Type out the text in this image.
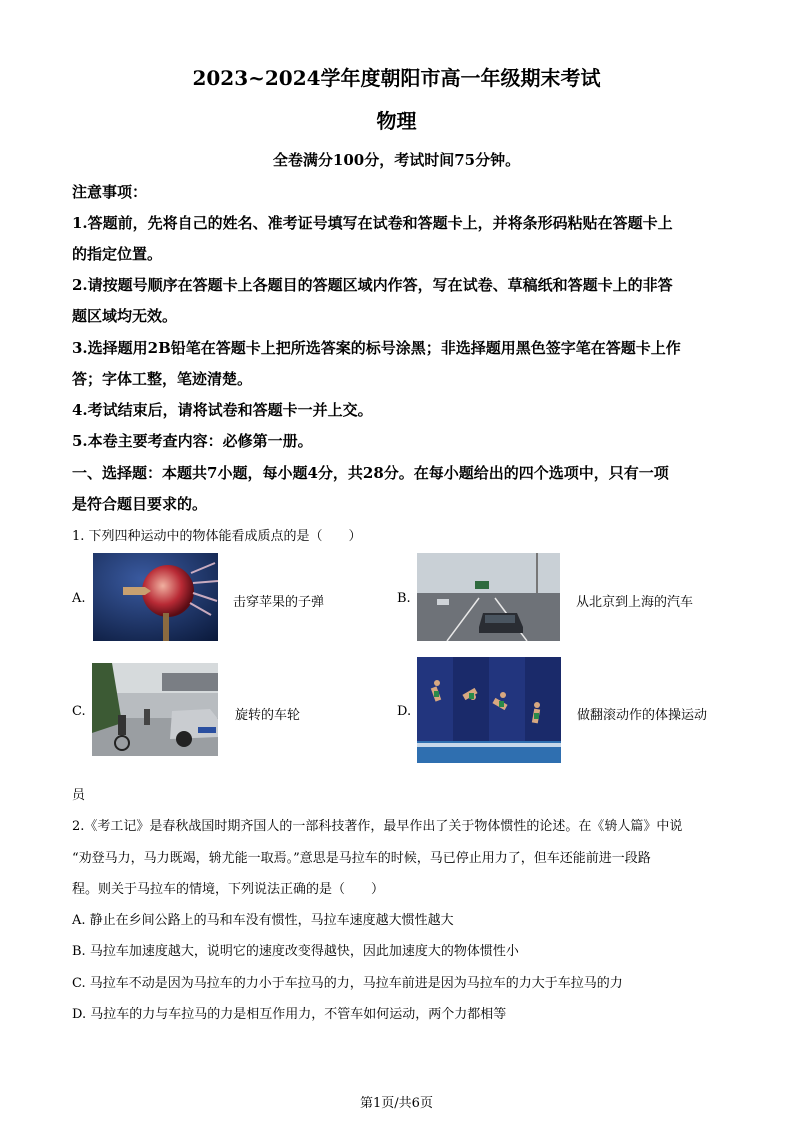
2023~2024学年度朝阳市高一年级期末考试
物理
全卷满分100分，考试时间75分钟。
注意事项：
1.答题前，先将自己的姓名、准考证号填写在试卷和答题卡上，并将条形码粘贴在答题卡上
的指定位置。
2.请按题号顺序在答题卡上各题目的答题区域内作答，写在试卷、草稿纸和答题卡上的非答
题区域均无效。
3.选择题用2B铅笔在答题卡上把所选答案的标号涂黑；非选择题用黑色签字笔在答题卡上作
答；字体工整，笔迹清楚。
4.考试结束后，请将试卷和答题卡一并上交。
5.本卷主要考查内容：必修第一册。
一、选择题：本题共7小题，每小题4分，共28分。在每小题给出的四个选项中，只有一项
是符合题目要求的。
1. 下列四种运动中的物体能看成质点的是（　　）
A.	击穿苹果的子弹	B.	从北京到上海的汽车
C.	旋转的车轮	D.	做翻滚动作的体操运动
员
2.《考工记》是春秋战国时期齐国人的一部科技著作，最早作出了关于物体惯性的论述。在《辀人篇》中说
“劝登马力，马力既竭，辀尤能一取焉。”意思是马拉车的时候，马已停止用力了，但车还能前进一段路
程。则关于马拉车的情境，下列说法正确的是（　　）
A. 静止在乡间公路上的马和车没有惯性，马拉车速度越大惯性越大
B. 马拉车加速度越大，说明它的速度改变得越快，因此加速度大的物体惯性小
C. 马拉车不动是因为马拉车的力小于车拉马的力，马拉车前进是因为马拉车的力大于车拉马的力
D. 马拉车的力与车拉马的力是相互作用力，不管车如何运动，两个力都相等
第1页/共6页
